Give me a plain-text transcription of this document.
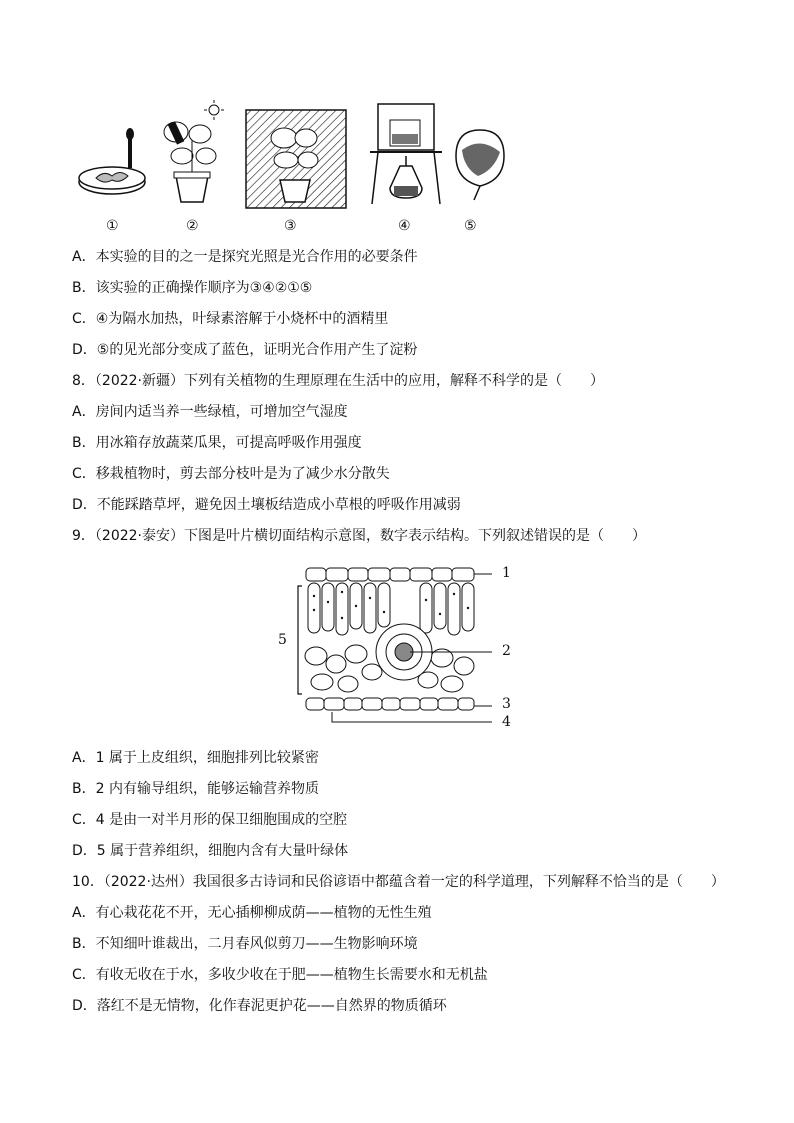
①	②	③	④	⑤
A．本实验的目的之一是探究光照是光合作用的必要条件
B．该实验的正确操作顺序为③④②①⑤
C．④为隔水加热，叶绿素溶解于小烧杯中的酒精里
D．⑤的见光部分变成了蓝色，证明光合作用产生了淀粉
8．（2022·新疆）下列有关植物的生理原理在生活中的应用，解释不科学的是（　　）
A．房间内适当养一些绿植，可增加空气湿度
B．用冰箱存放蔬菜瓜果，可提高呼吸作用强度
C．移栽植物时，剪去部分枝叶是为了减少水分散失
D．不能踩踏草坪，避免因土壤板结造成小草根的呼吸作用减弱
9．（2022·泰安）下图是叶片横切面结构示意图，数字表示结构。下列叙述错误的是（　　）
5
1
2
3
4
A．1 属于上皮组织，细胞排列比较紧密
B．2 内有输导组织，能够运输营养物质
C．4 是由一对半月形的保卫细胞围成的空腔
D．5 属于营养组织，细胞内含有大量叶绿体
10．（2022·达州）我国很多古诗词和民俗谚语中都蕴含着一定的科学道理，下列解释不恰当的是（　　）
A．有心栽花花不开，无心插柳柳成荫——植物的无性生殖
B．不知细叶谁裁出，二月春风似剪刀——生物影响环境
C．有收无收在于水，多收少收在于肥——植物生长需要水和无机盐
D．落红不是无情物，化作春泥更护花——自然界的物质循环
